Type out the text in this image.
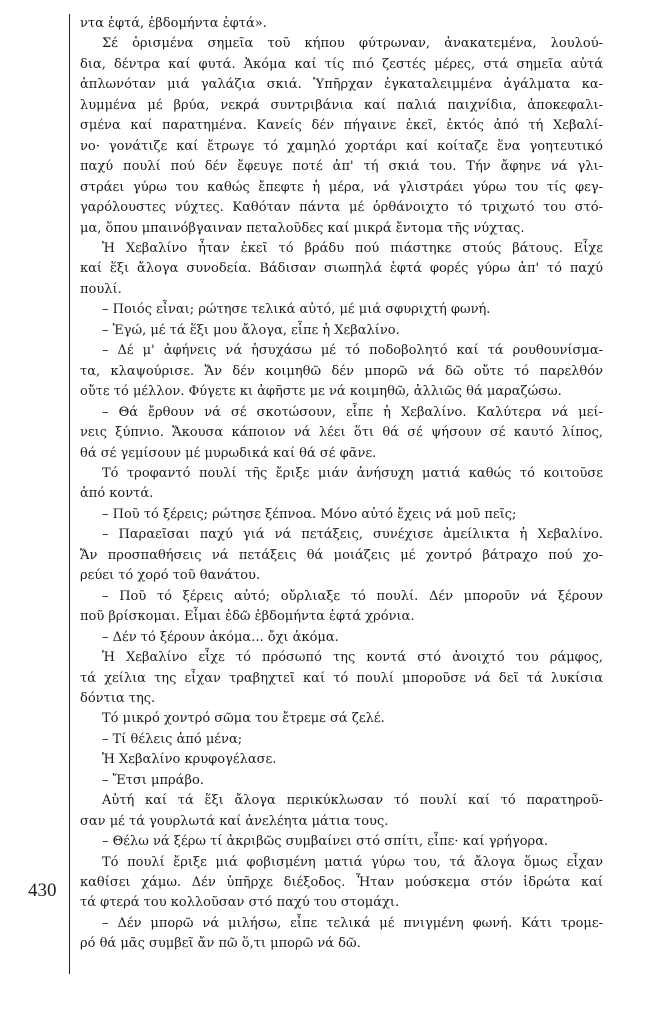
430

ντα ἑφτά, ἑβδομήντα ἑφτά».

Σέ ὁρισμένα σημεῖα τοῦ κήπου φύτρωναν, ἀνακατεμένα, λουλού-

δια, δέντρα καί φυτά. Ἀκόμα καί τίς πιό ζεστές μέρες, στά σημεῖα αὐτά

ἁπλωνόταν μιά γαλάζια σκιά. Ὑπῆρχαν ἐγκαταλειμμένα ἀγάλματα κα-

λυμμένα μέ βρύα, νεκρά συντριβάνια καί παλιά παιχνίδια, ἀποκεφαλι-

σμένα καί παρατημένα. Κανείς δέν πήγαινε ἐκεῖ, ἐκτός ἀπό τή Χεβαλί-

νο· γονάτιζε καί ἔτρωγε τό χαμηλό χορτάρι καί κοίταζε ἕνα γοητευτικό

παχύ πουλί πού δέν ἔφευγε ποτέ ἀπ' τή σκιά του. Τήν ἄφηνε νά γλι-

στράει γύρω του καθώς ἔπεφτε ἡ μέρα, νά γλιστράει γύρω του τίς φεγ-

γαρόλουστες νύχτες. Καθόταν πάντα μέ ὀρθάνοιχτο τό τριχωτό του στό-

μα, ὅπου μπαινόβγαιναν πεταλοῦδες καί μικρά ἔντομα τῆς νύχτας.

Ἡ Χεβαλίνο ἦταν ἐκεῖ τό βράδυ πού πιάστηκε στούς βάτους. Εἶχε

καί ἕξι ἄλογα συνοδεία. Βάδισαν σιωπηλά ἑφτά φορές γύρω ἀπ' τό παχύ

πουλί.

– Ποιός εἶναι; ρώτησε τελικά αὐτό, μέ μιά σφυριχτή φωνή.

– Ἐγώ, μέ τά ἕξι μου ἄλογα, εἶπε ἡ Χεβαλίνο.

– Δέ μ' ἀφήνεις νά ἡσυχάσω μέ τό ποδοβολητό καί τά ρουθουνίσμα-

τα, κλαψούρισε. Ἄν δέν κοιμηθῶ δέν μπορῶ νά δῶ οὔτε τό παρελθόν

οὔτε τό μέλλον. Φύγετε κι ἀφῆστε με νά κοιμηθῶ, ἀλλιῶς θά μαραζώσω.

– Θά ἔρθουν νά σέ σκοτώσουν, εἶπε ἡ Χεβαλίνο. Καλύτερα νά μεί-

νεις ξύπνιο. Ἄκουσα κάποιον νά λέει ὅτι θά σέ ψήσουν σέ καυτό λίπος,

θά σέ γεμίσουν μέ μυρωδικά καί θά σέ φᾶνε.

Τό τροφαντό πουλί τῆς ἔριξε μιάν ἀνήσυχη ματιά καθώς τό κοιτοῦσε

ἀπό κοντά.

– Ποῦ τό ξέρεις; ρώτησε ξέπνοα. Μόνο αὐτό ἔχεις νά μοῦ πεῖς;

– Παραεῖσαι παχύ γιά νά πετάξεις, συνέχισε ἀμείλικτα ἡ Χεβαλίνο.

Ἄν προσπαθήσεις νά πετάξεις θά μοιάζεις μέ χοντρό βάτραχο πού χο-

ρεύει τό χορό τοῦ θανάτου.

– Ποῦ τό ξέρεις αὐτό; οὔρλιαξε τό πουλί. Δέν μποροῦν νά ξέρουν

ποῦ βρίσκομαι. Εἶμαι ἐδῶ ἑβδομήντα ἑφτά χρόνια.

– Δέν τό ξέρουν ἀκόμα... ὄχι ἀκόμα.

Ἡ Χεβαλίνο εἶχε τό πρόσωπό της κοντά στό ἀνοιχτό του ράμφος,

τά χείλια της εἶχαν τραβηχτεῖ καί τό πουλί μποροῦσε νά δεῖ τά λυκίσια

δόντια της.

Τό μικρό χοντρό σῶμα του ἔτρεμε σά ζελέ.

– Τί θέλεις ἀπό μένα;

Ἡ Χεβαλίνο κρυφογέλασε.

– Ἔτσι μπράβο.

Αὐτή καί τά ἕξι ἄλογα περικύκλωσαν τό πουλί καί τό παρατηροῦ-

σαν μέ τά γουρλωτά καί ἀνελέητα μάτια τους.

– Θέλω νά ξέρω τί ἀκριβῶς συμβαίνει στό σπίτι, εἶπε· καί γρήγορα.

Τό πουλί ἔριξε μιά φοβισμένη ματιά γύρω του, τά ἄλογα ὅμως εἶχαν

καθίσει χάμω. Δέν ὑπῆρχε διέξοδος. Ἦταν μούσκεμα στόν ἱδρώτα καί

τά φτερά του κολλοῦσαν στό παχύ του στομάχι.

– Δέν μπορῶ νά μιλήσω, εἶπε τελικά μέ πνιγμένη φωνή. Κάτι τρομε-

ρό θά μᾶς συμβεῖ ἄν πῶ ὅ,τι μπορῶ νά δῶ.
